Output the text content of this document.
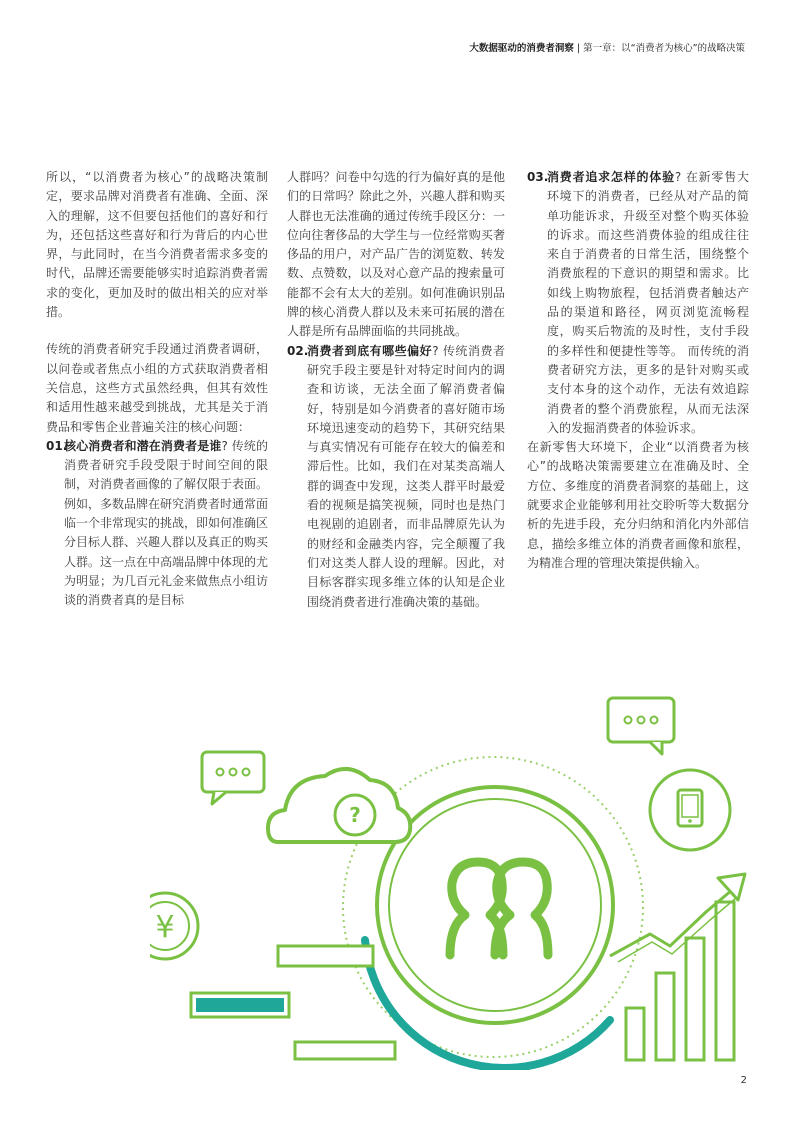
大数据驱动的消费者洞察 | 第一章：以“消费者为核心”的战略决策

所以，“以消费者为核心”的战略决策制定，要求品牌对消费者有准确、全面、深入的理解，这不但要包括他们的喜好和行为，还包括这些喜好和行为背后的内心世界，与此同时，在当今消费者需求多变的时代，品牌还需要能够实时追踪消费者需求的变化，更加及时的做出相关的应对举措。

传统的消费者研究手段通过消费者调研，以问卷或者焦点小组的方式获取消费者相关信息，这些方式虽然经典，但其有效性和适用性越来越受到挑战，尤其是关于消费品和零售企业普遍关注的核心问题：

01.
核心消费者和潜在消费者是谁? 传统的消费者研究手段受限于时间空间的限制，对消费者画像的了解仅限于表面。例如，多数品牌在研究消费者时通常面临一个非常现实的挑战，即如何准确区分目标人群、兴趣人群以及真正的购买人群。这一点在中高端品牌中体现的尤为明显；为几百元礼金来做焦点小组访谈的消费者真的是目标

人群吗？问卷中勾选的行为偏好真的是他们的日常吗？除此之外，兴趣人群和购买人群也无法准确的通过传统手段区分：一位向往奢侈品的大学生与一位经常购买奢侈品的用户，对产品广告的浏览数、转发数、点赞数，以及对心意产品的搜索量可能都不会有太大的差别。如何准确识别品牌的核心消费人群以及未来可拓展的潜在人群是所有品牌面临的共同挑战。

02.
消费者到底有哪些偏好? 传统消费者研究手段主要是针对特定时间内的调查和访谈，无法全面了解消费者偏好，特别是如今消费者的喜好随市场环境迅速变动的趋势下，其研究结果与真实情况有可能存在较大的偏差和滞后性。比如，我们在对某类高端人群的调查中发现，这类人群平时最爱看的视频是搞笑视频，同时也是热门电视剧的追剧者，而非品牌原先认为的财经和金融类内容，完全颠覆了我们对这类人群人设的理解。因此，对目标客群实现多维立体的认知是企业围绕消费者进行准确决策的基础。
03.
消费者追求怎样的体验? 在新零售大环境下的消费者，已经从对产品的简单功能诉求，升级至对整个购买体验的诉求。而这些消费体验的组成往往来自于消费者的日常生活，围绕整个消费旅程的下意识的期望和需求。比如线上购物旅程，包括消费者触达产品的渠道和路径，网页浏览流畅程度，购买后物流的及时性，支付手段的多样性和便捷性等等。 而传统的消费者研究方法，更多的是针对购买或支付本身的这个动作，无法有效追踪消费者的整个消费旅程，从而无法深入的发掘消费者的体验诉求。

在新零售大环境下，企业“以消费者为核心”的战略决策需要建立在准确及时、全方位、多维度的消费者洞察的基础上，这就要求企业能够利用社交聆听等大数据分析的先进手段，充分归纳和消化内外部信息，描绘多维立体的消费者画像和旅程，为精准合理的管理决策提供输入。

?
¥
2
